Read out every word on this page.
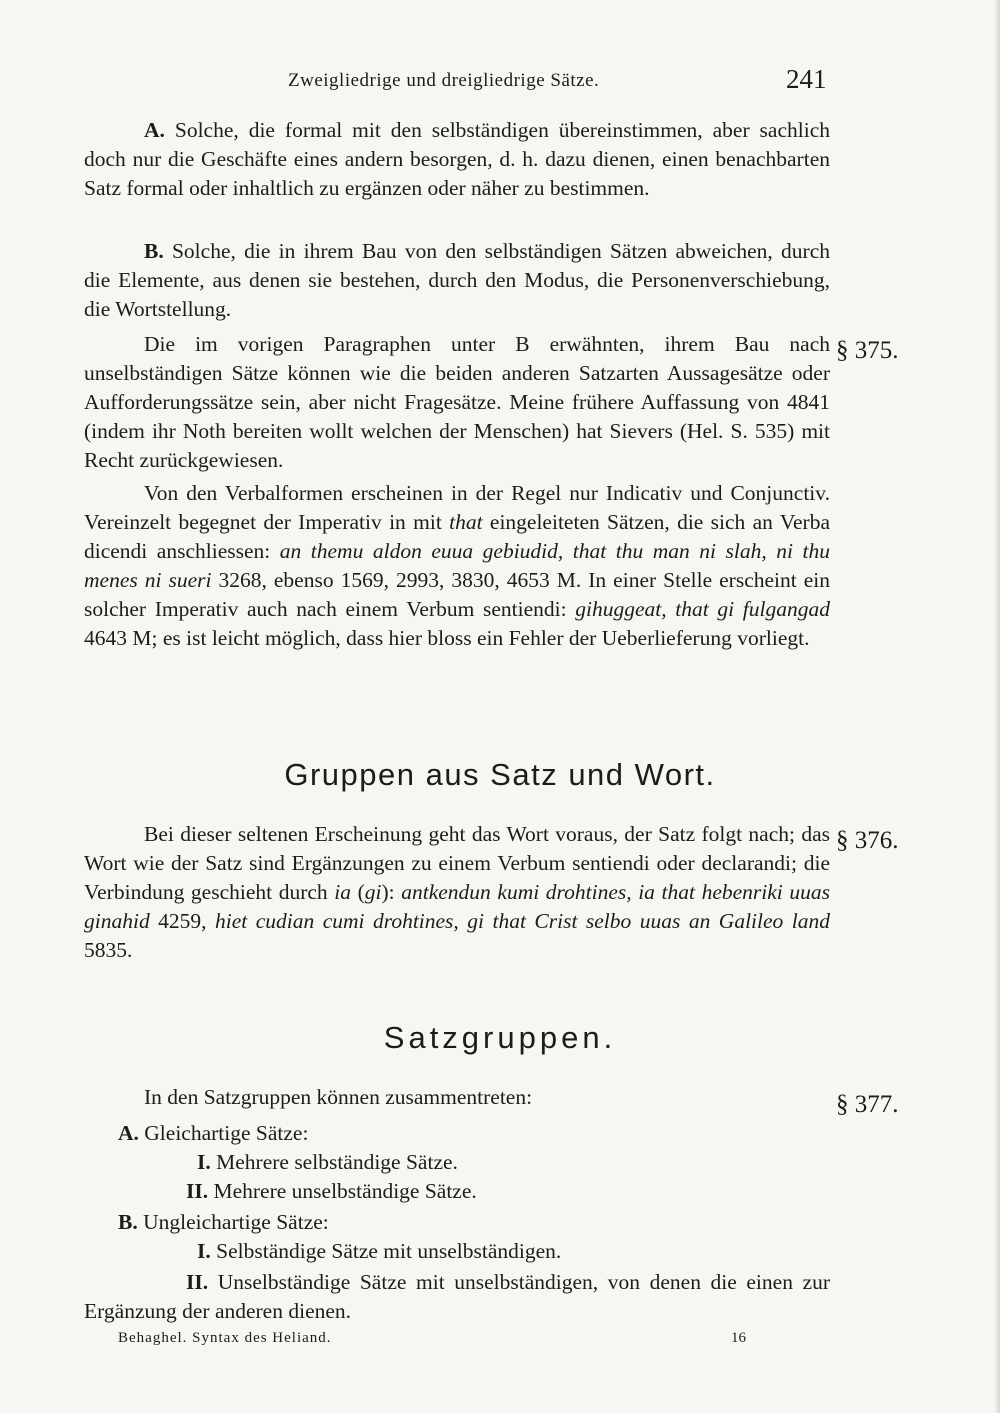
Zweigliedrige und dreigliedrige Sätze.	241
A. Solche, die formal mit den selbständigen übereinstimmen, aber sachlich doch nur die Geschäfte eines andern besorgen, d. h. dazu dienen, einen benachbarten Satz formal oder inhaltlich zu ergänzen oder näher zu bestimmen.
B. Solche, die in ihrem Bau von den selbständigen Sätzen abweichen, durch die Elemente, aus denen sie bestehen, durch den Modus, die Personenverschiebung, die Wortstellung.
§ 375.
Die im vorigen Paragraphen unter B erwähnten, ihrem Bau nach unselbständigen Sätze können wie die beiden anderen Satzarten Aussagesätze oder Aufforderungssätze sein, aber nicht Fragesätze. Meine frühere Auffassung von 4841 (indem ihr Noth bereiten wollt welchen der Menschen) hat Sievers (Hel. S. 535) mit Recht zurückgewiesen.
Von den Verbalformen erscheinen in der Regel nur Indicativ und Conjunctiv. Vereinzelt begegnet der Imperativ in mit that eingeleiteten Sätzen, die sich an Verba dicendi anschliessen: an themu aldon euua gebiudid, that thu man ni slah, ni thu menes ni sueri 3268, ebenso 1569, 2993, 3830, 4653 M. In einer Stelle erscheint ein solcher Imperativ auch nach einem Verbum sentiendi: gihuggeat, that gi fulgangad 4643 M; es ist leicht möglich, dass hier bloss ein Fehler der Ueberlieferung vorliegt.
Gruppen aus Satz und Wort.
§ 376.
Bei dieser seltenen Erscheinung geht das Wort voraus, der Satz folgt nach; das Wort wie der Satz sind Ergänzungen zu einem Verbum sentiendi oder declarandi; die Verbindung geschieht durch ia (gi): antkendun kumi drohtines, ia that hebenriki uuas ginahid 4259, hiet cudian cumi drohtines, gi that Crist selbo uuas an Galileo land 5835.
Satzgruppen.
§ 377.
In den Satzgruppen können zusammentreten:
A. Gleichartige Sätze:
I. Mehrere selbständige Sätze.
II. Mehrere unselbständige Sätze.
B. Ungleichartige Sätze:
I. Selbständige Sätze mit unselbständigen.
II. Unselbständige Sätze mit unselbständigen, von denen die einen zur Ergänzung der anderen dienen.
Behaghel. Syntax des Heliand.	16
